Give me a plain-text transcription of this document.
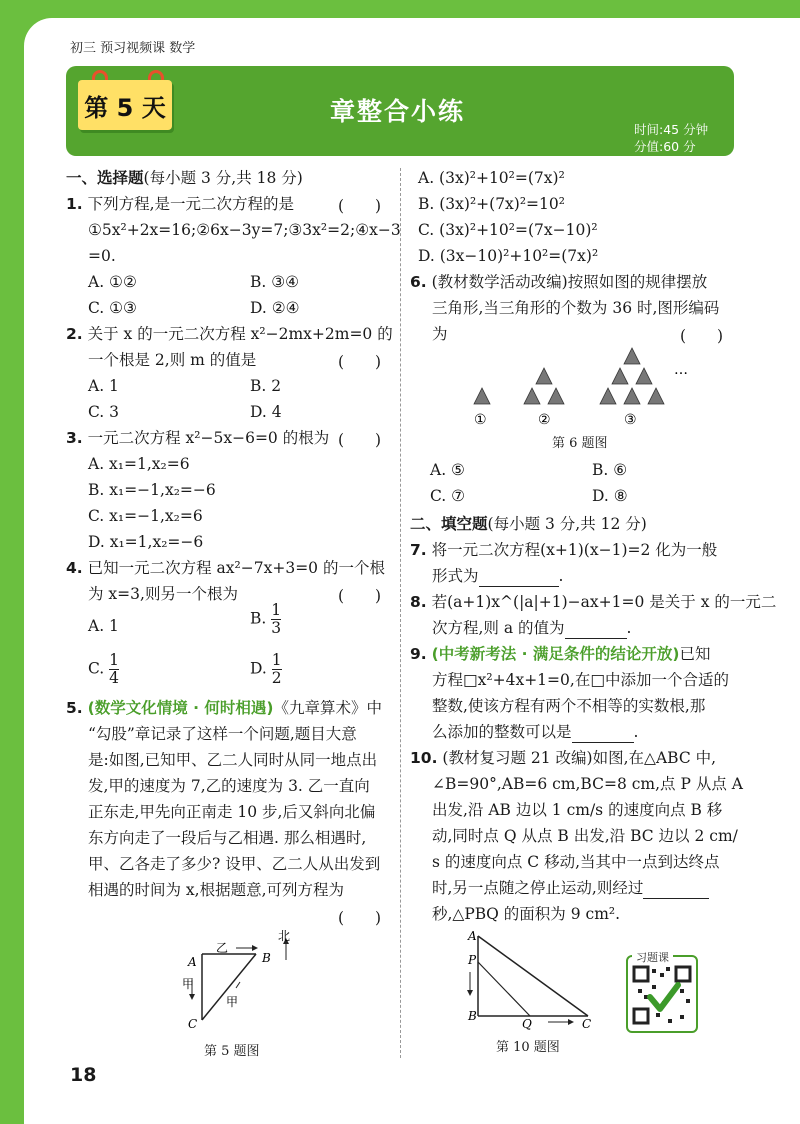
初三 预习视频课 数学
第 5 天	章整合小练
时间:45 分钟
分值:60 分
一、选择题(每小题 3 分,共 18 分)
1. 下列方程,是一元二次方程的是	(　　)
①5x²+2x=16;②6x−3y=7;③3x²=2;④x−3
=0.
A. ①②	B. ③④
C. ①③	D. ②④
2. 关于 x 的一元二次方程 x²−2mx+2m=0 的
一个根是 2,则 m 的值是	(　　)
A. 1	B. 2
C. 3	D. 4
3. 一元二次方程 x²−5x−6=0 的根为 (　　)
A. x₁=1,x₂=6
B. x₁=−1,x₂=−6
C. x₁=−1,x₂=6
D. x₁=1,x₂=−6
4. 已知一元二次方程 ax²−7x+3=0 的一个根
为 x=3,则另一个根为	(　　)
A. 1	B. $\frac{1}{3}$
C. $\frac{1}{4}$	D. $\frac{1}{2}$
5. (数学文化情境 · 何时相遇)《九章算术》中
“勾股”章记录了这样一个问题,题目大意
是:如图,已知甲、乙二人同时从同一地点出
发,甲的速度为 7,乙的速度为 3. 乙一直向
正东走,甲先向正南走 10 步,后又斜向北偏
东方向走了一段后与乙相遇. 那么相遇时,
甲、乙各走了多少? 设甲、乙二人从出发到
相遇的时间为 x,根据题意,可列方程为
(　　)
A	B
C
乙
甲
甲
北
第 5 题图
A. (3x)²+10²=(7x)²
B. (3x)²+(7x)²=10²
C. (3x)²+10²=(7x−10)²
D. (3x−10)²+10²=(7x)²
6. (教材数学活动改编)按照如图的规律摆放
三角形,当三角形的个数为 36 时,图形编码
为	(　　)
①	②	③
…
第 6 题图
A. ⑤	B. ⑥
C. ⑦	D. ⑧
二、填空题(每小题 3 分,共 12 分)
7. 将一元二次方程(x+1)(x−1)=2 化为一般
形式为	.
8. 若(a+1)x^(|a|+1)−ax+1=0 是关于 x 的一元二
次方程,则 a 的值为	.
9. (中考新考法 · 满足条件的结论开放)已知
方程□x²+4x+1=0,在□中添加一个合适的
整数,使该方程有两个不相等的实数根,那
么添加的整数可以是	.
10. (教材复习题 21 改编)如图,在△ABC 中,
∠B=90°,AB=6 cm,BC=8 cm,点 P 从点 A
出发,沿 AB 边以 1 cm/s 的速度向点 B 移
动,同时点 Q 从点 B 出发,沿 BC 边以 2 cm/
s 的速度向点 C 移动,当其中一点到达终点
时,另一点随之停止运动,则经过
秒,△PBQ 的面积为 9 cm².
A
P
B
Q	C
第 10 题图
习题课
18
